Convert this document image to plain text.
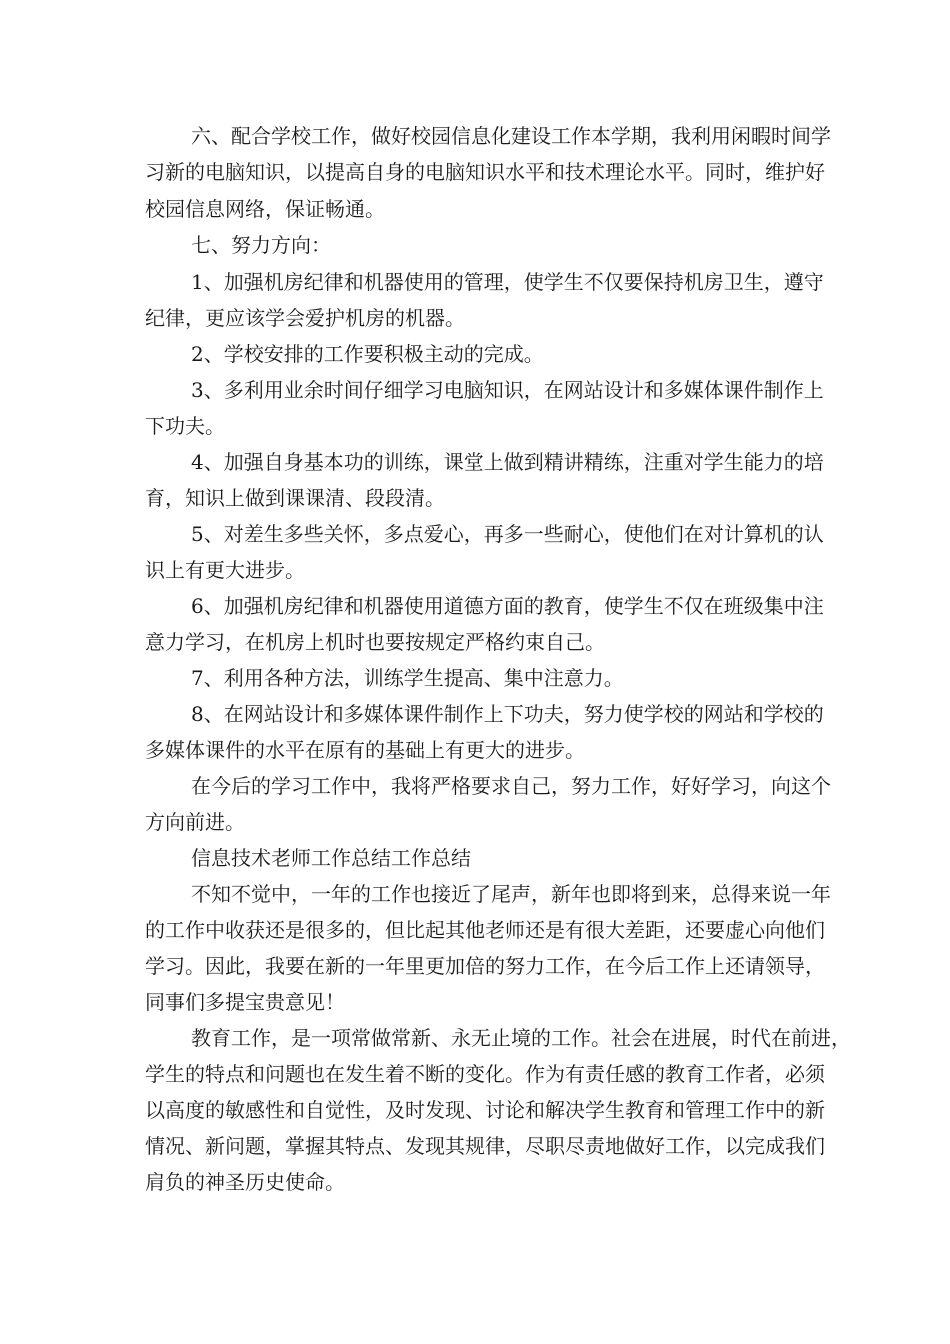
六、配合学校工作，做好校园信息化建设工作本学期，我利用闲暇时间学
习新的电脑知识，以提高自身的电脑知识水平和技术理论水平。同时，维护好
校园信息网络，保证畅通。
七、努力方向：
1、加强机房纪律和机器使用的管理，使学生不仅要保持机房卫生，遵守
纪律，更应该学会爱护机房的机器。
2、学校安排的工作要积极主动的完成。
3、多利用业余时间仔细学习电脑知识，在网站设计和多媒体课件制作上
下功夫。
4、加强自身基本功的训练，课堂上做到精讲精练，注重对学生能力的培
育，知识上做到课课清、段段清。
5、对差生多些关怀，多点爱心，再多一些耐心，使他们在对计算机的认
识上有更大进步。
6、加强机房纪律和机器使用道德方面的教育，使学生不仅在班级集中注
意力学习，在机房上机时也要按规定严格约束自己。
7、利用各种方法，训练学生提高、集中注意力。
8、在网站设计和多媒体课件制作上下功夫，努力使学校的网站和学校的
多媒体课件的水平在原有的基础上有更大的进步。
在今后的学习工作中，我将严格要求自己，努力工作，好好学习，向这个
方向前进。
信息技术老师工作总结工作总结
不知不觉中，一年的工作也接近了尾声，新年也即将到来，总得来说一年
的工作中收获还是很多的，但比起其他老师还是有很大差距，还要虚心向他们
学习。因此，我要在新的一年里更加倍的努力工作，在今后工作上还请领导，
同事们多提宝贵意见！
教育工作，是一项常做常新、永无止境的工作。社会在进展，时代在前进，
学生的特点和问题也在发生着不断的变化。作为有责任感的教育工作者，必须
以高度的敏感性和自觉性，及时发现、讨论和解决学生教育和管理工作中的新
情况、新问题，掌握其特点、发现其规律，尽职尽责地做好工作，以完成我们
肩负的神圣历史使命。
